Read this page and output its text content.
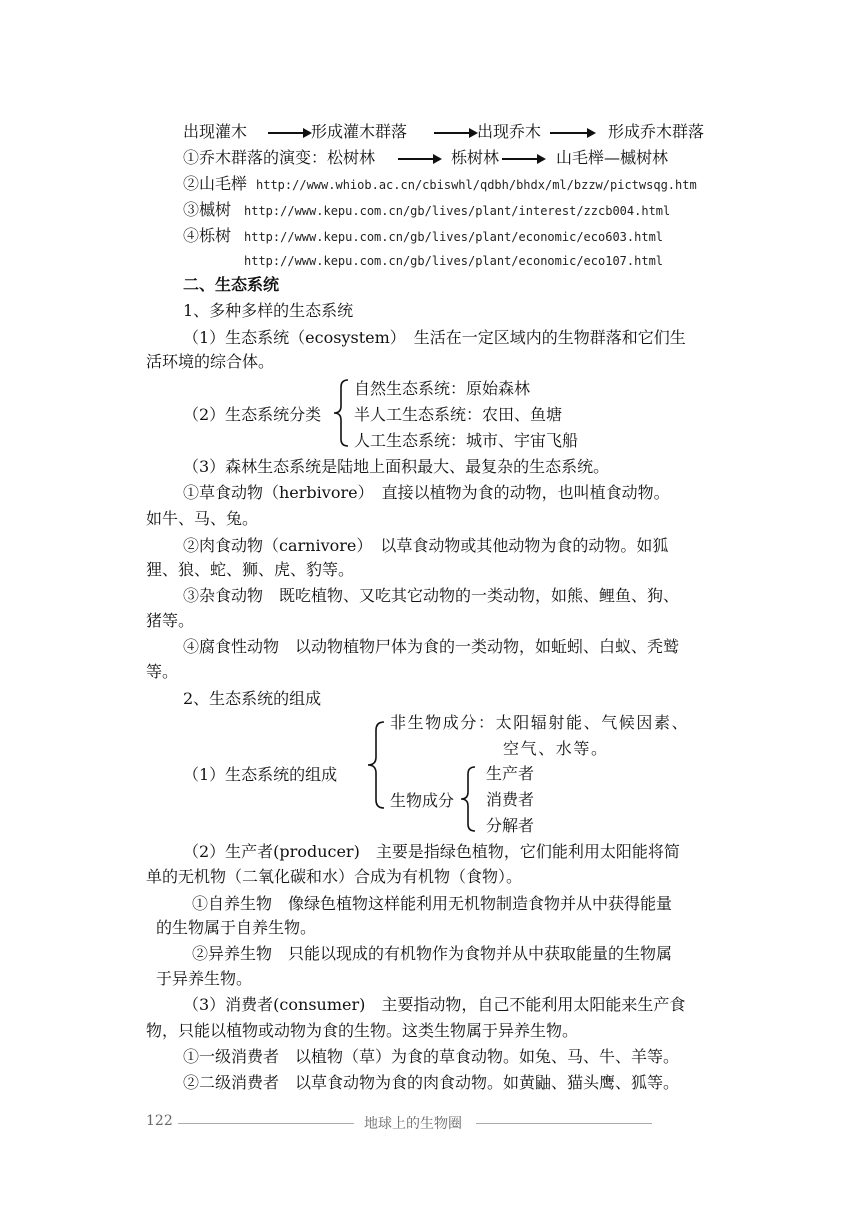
出现灌木	形成灌木群落	出现乔木	形成乔木群落
①乔木群落的演变：松树林	栎树林	山毛榉—槭树林
②山毛榉 http://www.whiob.ac.cn/cbiswhl/qdbh/bhdx/ml/bzzw/pictwsqg.htm
③槭树 http://www.kepu.com.cn/gb/lives/plant/interest/zzcb004.html
④栎树 http://www.kepu.com.cn/gb/lives/plant/economic/eco603.html
http://www.kepu.com.cn/gb/lives/plant/economic/eco107.html
二、生态系统
1、多种多样的生态系统
（1）生态系统（ecosystem）　生活在一定区域内的生物群落和它们生
活环境的综合体。
（2）生态系统分类
自然生态系统：原始森林
半人工生态系统：农田、鱼塘
人工生态系统：城市、宇宙飞船
（3）森林生态系统是陆地上面积最大、最复杂的生态系统。
①草食动物（herbivore）　直接以植物为食的动物，也叫植食动物。
如牛、马、兔。
②肉食动物（carnivore）　以草食动物或其他动物为食的动物。如狐
狸、狼、蛇、狮、虎、豹等。
③杂食动物　既吃植物、又吃其它动物的一类动物，如熊、鲤鱼、狗、
猪等。
④腐食性动物　以动物植物尸体为食的一类动物，如蚯蚓、白蚁、秃鹫
等。
2、生态系统的组成
（1）生态系统的组成
非生物成分：太阳辐射能、气候因素、
空气、水等。
生物成分
生产者
消费者
分解者
（2）生产者(producer)　主要是指绿色植物，它们能利用太阳能将简
单的无机物（二氧化碳和水）合成为有机物（食物）。
①自养生物　像绿色植物这样能利用无机物制造食物并从中获得能量
的生物属于自养生物。
②异养生物　只能以现成的有机物作为食物并从中获取能量的生物属
于异养生物。
（3）消费者(consumer)　主要指动物，自己不能利用太阳能来生产食
物，只能以植物或动物为食的生物。这类生物属于异养生物。
①一级消费者　以植物（草）为食的草食动物。如兔、马、牛、羊等。
②二级消费者　以草食动物为食的肉食动物。如黄鼬、猫头鹰、狐等。
122	地球上的生物圈
